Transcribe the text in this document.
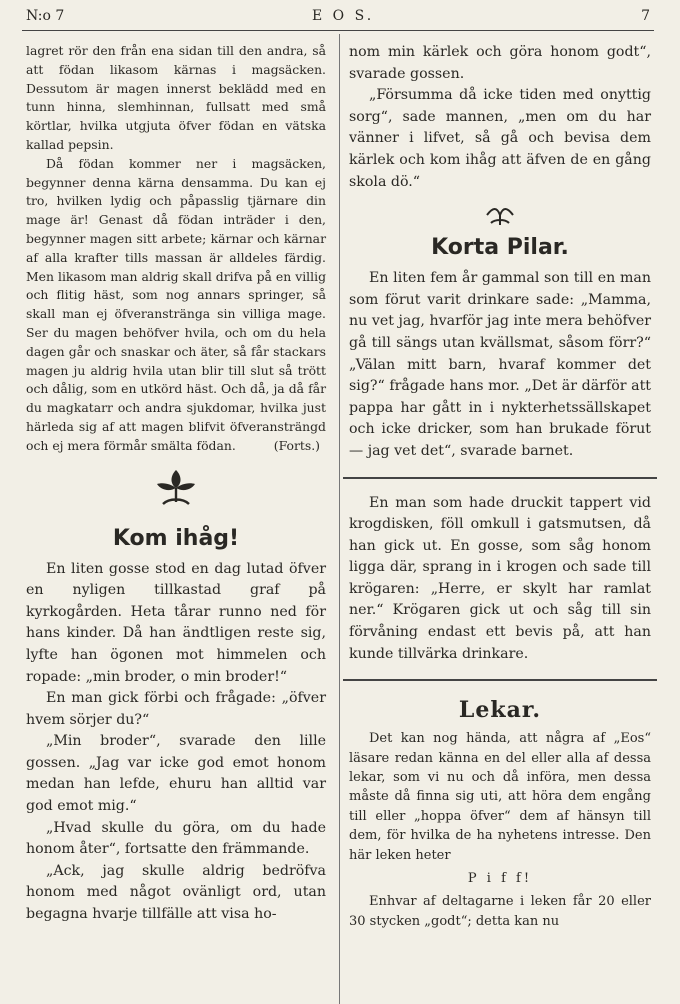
N:o 7	E O S.	7

lagret rör den från ena sidan till den andra, så att födan likasom kärnas i magsäcken. Dessutom är magen innerst beklädd med en tunn hinna, slemhinnan, fullsatt med små körtlar, hvilka utgjuta öfver födan en vätska kallad pepsin.

Då födan kommer ner i magsäcken, begynner denna kärna densamma. Du kan ej tro, hvilken lydig och påpasslig tjärnare din mage är! Genast då födan inträder i den, begynner magen sitt arbete; kärnar och kärnar af alla krafter tills massan är alldeles färdig. Men likasom man aldrig skall drifva på en villig och flitig häst, som nog annars springer, så skall man ej öfveranstränga sin villiga mage. Ser du magen behöfver hvila, och om du hela dagen går och snaskar och äter, så får stackars magen ju aldrig hvila utan blir till slut så trött och dålig, som en utkörd häst. Och då, ja då får du magkatarr och andra sjukdomar, hvilka just härleda sig af att magen blifvit öfveransträngd och ej mera förmår smälta födan.	(Forts.)

Kom ihåg!

En liten gosse stod en dag lutad öfver en nyligen tillkastad graf på kyrkogården. Heta tårar runno ned för hans kinder. Då han ändtligen reste sig, lyfte han ögonen mot himmelen och ropade: „min broder, o min broder!“

En man gick förbi och frågade: „öfver hvem sörjer du?“

„Min broder“, svarade den lille gossen. „Jag var icke god emot honom medan han lefde, ehuru han alltid var god emot mig.“

„Hvad skulle du göra, om du hade honom åter“, fortsatte den främmande.

„Ack, jag skulle aldrig bedröfva honom med något ovänligt ord, utan begagna hvarje tillfälle att visa ho-

nom min kärlek och göra honom godt“, svarade gossen.

„Försumma då icke tiden med onyttig sorg“, sade mannen, „men om du har vänner i lifvet, så gå och bevisa dem kärlek och kom ihåg att äfven de en gång skola dö.“

Korta Pilar.

En liten fem år gammal son till en man som förut varit drinkare sade: „Mamma, nu vet jag, hvarför jag inte mera behöfver gå till sängs utan kvällsmat, såsom förr?“ „Välan mitt barn, hvaraf kommer det sig?“ frågade hans mor. „Det är därför att pappa har gått in i nykterhetssällskapet och icke dricker, som han brukade förut — jag vet det“, svarade barnet.

En man som hade druckit tappert vid krogdisken, föll omkull i gatsmutsen, då han gick ut. En gosse, som såg honom ligga där, sprang in i krogen och sade till krögaren: „Herre, er skylt har ramlat ner.“ Krögaren gick ut och såg till sin förvåning endast ett bevis på, att han kunde tillvärka drinkare.

Lekar.

Det kan nog hända, att några af „Eos“ läsare redan känna en del eller alla af dessa lekar, som vi nu och då införa, men dessa måste då finna sig uti, att höra dem engång till eller „hoppa öfver“ dem af hänsyn till dem, för hvilka de ha nyhetens intresse. Den här leken heter

P i f f!

Enhvar af deltagarne i leken får 20 eller 30 stycken „godt“; detta kan nu
